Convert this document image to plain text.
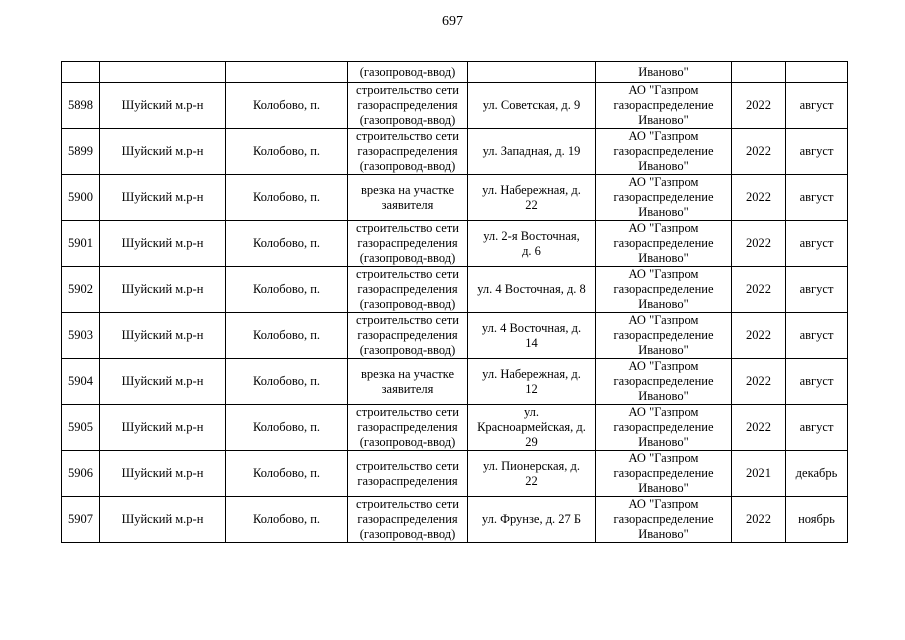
697
			(газопровод-ввод)		Иваново"		
5898	Шуйский м.р-н	Колобово, п.	строительство сети
газораспределения
(газопровод-ввод)	ул. Советская, д. 9	АО "Газпром
газораспределение
Иваново"	2022	август
5899	Шуйский м.р-н	Колобово, п.	строительство сети
газораспределения
(газопровод-ввод)	ул. Западная, д. 19	АО "Газпром
газораспределение
Иваново"	2022	август
5900	Шуйский м.р-н	Колобово, п.	врезка на участке
заявителя	ул. Набережная, д.
22	АО "Газпром
газораспределение
Иваново"	2022	август
5901	Шуйский м.р-н	Колобово, п.	строительство сети
газораспределения
(газопровод-ввод)	ул. 2-я Восточная,
д. 6	АО "Газпром
газораспределение
Иваново"	2022	август
5902	Шуйский м.р-н	Колобово, п.	строительство сети
газораспределения
(газопровод-ввод)	ул. 4 Восточная, д. 8	АО "Газпром
газораспределение
Иваново"	2022	август
5903	Шуйский м.р-н	Колобово, п.	строительство сети
газораспределения
(газопровод-ввод)	ул. 4 Восточная, д.
14	АО "Газпром
газораспределение
Иваново"	2022	август
5904	Шуйский м.р-н	Колобово, п.	врезка на участке
заявителя	ул. Набережная, д.
12	АО "Газпром
газораспределение
Иваново"	2022	август
5905	Шуйский м.р-н	Колобово, п.	строительство сети
газораспределения
(газопровод-ввод)	ул.
Красноармейская, д.
29	АО "Газпром
газораспределение
Иваново"	2022	август
5906	Шуйский м.р-н	Колобово, п.	строительство сети
газораспределения	ул. Пионерская, д.
22	АО "Газпром
газораспределение
Иваново"	2021	декабрь
5907	Шуйский м.р-н	Колобово, п.	строительство сети
газораспределения
(газопровод-ввод)	ул. Фрунзе, д. 27 Б	АО "Газпром
газораспределение
Иваново"	2022	ноябрь
